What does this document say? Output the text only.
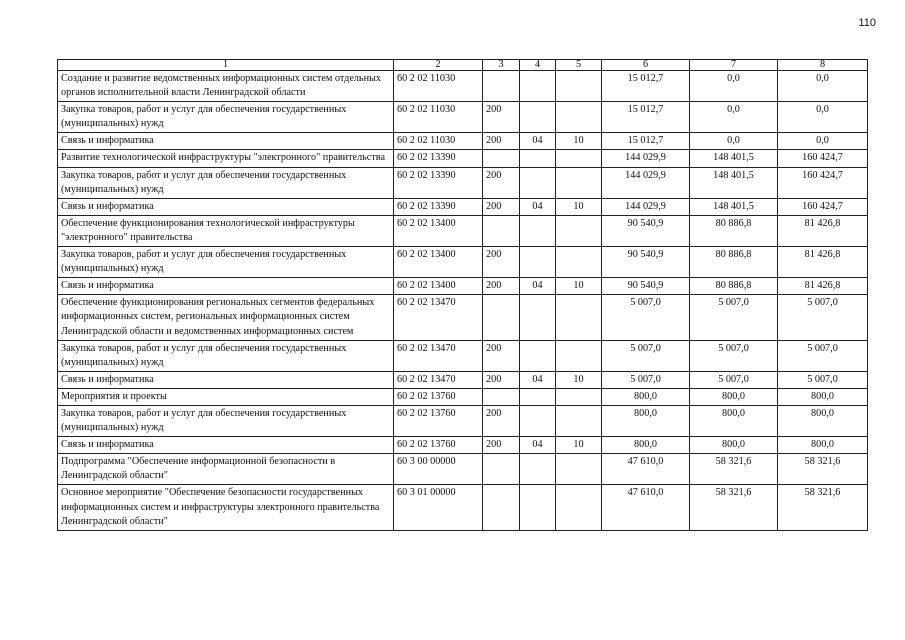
110
1	2	3	4	5	6	7	8
Создание и развитие ведомственных информационных систем отдельных органов исполнительной власти Ленинградской области	60 2 02 11030				15 012,7	0,0	0,0
Закупка товаров, работ и услуг для обеспечения государственных (муниципальных) нужд	60 2 02 11030	200			15 012,7	0,0	0,0
Связь и информатика	60 2 02 11030	200	04	10	15 012,7	0,0	0,0
Развитие технологической инфраструктуры "электронного" правительства	60 2 02 13390				144 029,9	148 401,5	160 424,7
Закупка товаров, работ и услуг для обеспечения государственных (муниципальных) нужд	60 2 02 13390	200			144 029,9	148 401,5	160 424,7
Связь и информатика	60 2 02 13390	200	04	10	144 029,9	148 401,5	160 424,7
Обеспечение функционирования технологической инфраструктуры "электронного" правительства	60 2 02 13400				90 540,9	80 886,8	81 426,8
Закупка товаров, работ и услуг для обеспечения государственных (муниципальных) нужд	60 2 02 13400	200			90 540,9	80 886,8	81 426,8
Связь и информатика	60 2 02 13400	200	04	10	90 540,9	80 886,8	81 426,8
Обеспечение функционирования региональных сегментов федеральных информационных систем, региональных информационных систем Ленинградской области и ведомственных информационных систем	60 2 02 13470				5 007,0	5 007,0	5 007,0
Закупка товаров, работ и услуг для обеспечения государственных (муниципальных) нужд	60 2 02 13470	200			5 007,0	5 007,0	5 007,0
Связь и информатика	60 2 02 13470	200	04	10	5 007,0	5 007,0	5 007,0
Мероприятия и проекты	60 2 02 13760				800,0	800,0	800,0
Закупка товаров, работ и услуг для обеспечения государственных (муниципальных) нужд	60 2 02 13760	200			800,0	800,0	800,0
Связь и информатика	60 2 02 13760	200	04	10	800,0	800,0	800,0
Подпрограмма "Обеспечение информационной безопасности в Ленинградской области"	60 3 00 00000				47 610,0	58 321,6	58 321,6
Основное мероприятие "Обеспечение безопасности государственных информационных систем и инфраструктуры электронного правительства Ленинградской области"	60 3 01 00000				47 610,0	58 321,6	58 321,6
